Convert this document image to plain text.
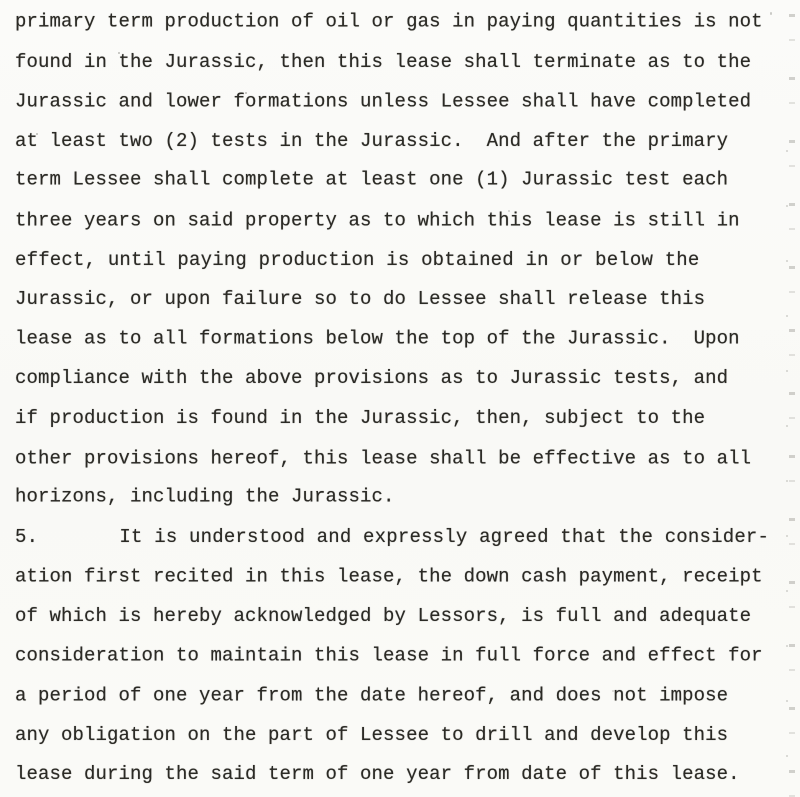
primary term production of oil or gas in paying quantities is not
found in the Jurassic, then this lease shall terminate as to the
Jurassic and lower formations unless Lessee shall have completed
at least two (2) tests in the Jurassic.  And after the primary
term Lessee shall complete at least one (1) Jurassic test each
three years on said property as to which this lease is still in
effect, until paying production is obtained in or below the
Jurassic, or upon failure so to do Lessee shall release this
lease as to all formations below the top of the Jurassic.  Upon
compliance with the above provisions as to Jurassic tests, and
if production is found in the Jurassic, then, subject to the
other provisions hereof, this lease shall be effective as to all
horizons, including the Jurassic.
5.       It is understood and expressly agreed that the consider-
ation first recited in this lease, the down cash payment, receipt
of which is hereby acknowledged by Lessors, is full and adequate
consideration to maintain this lease in full force and effect for
a period of one year from the date hereof, and does not impose
any obligation on the part of Lessee to drill and develop this
lease during the said term of one year from date of this lease.
